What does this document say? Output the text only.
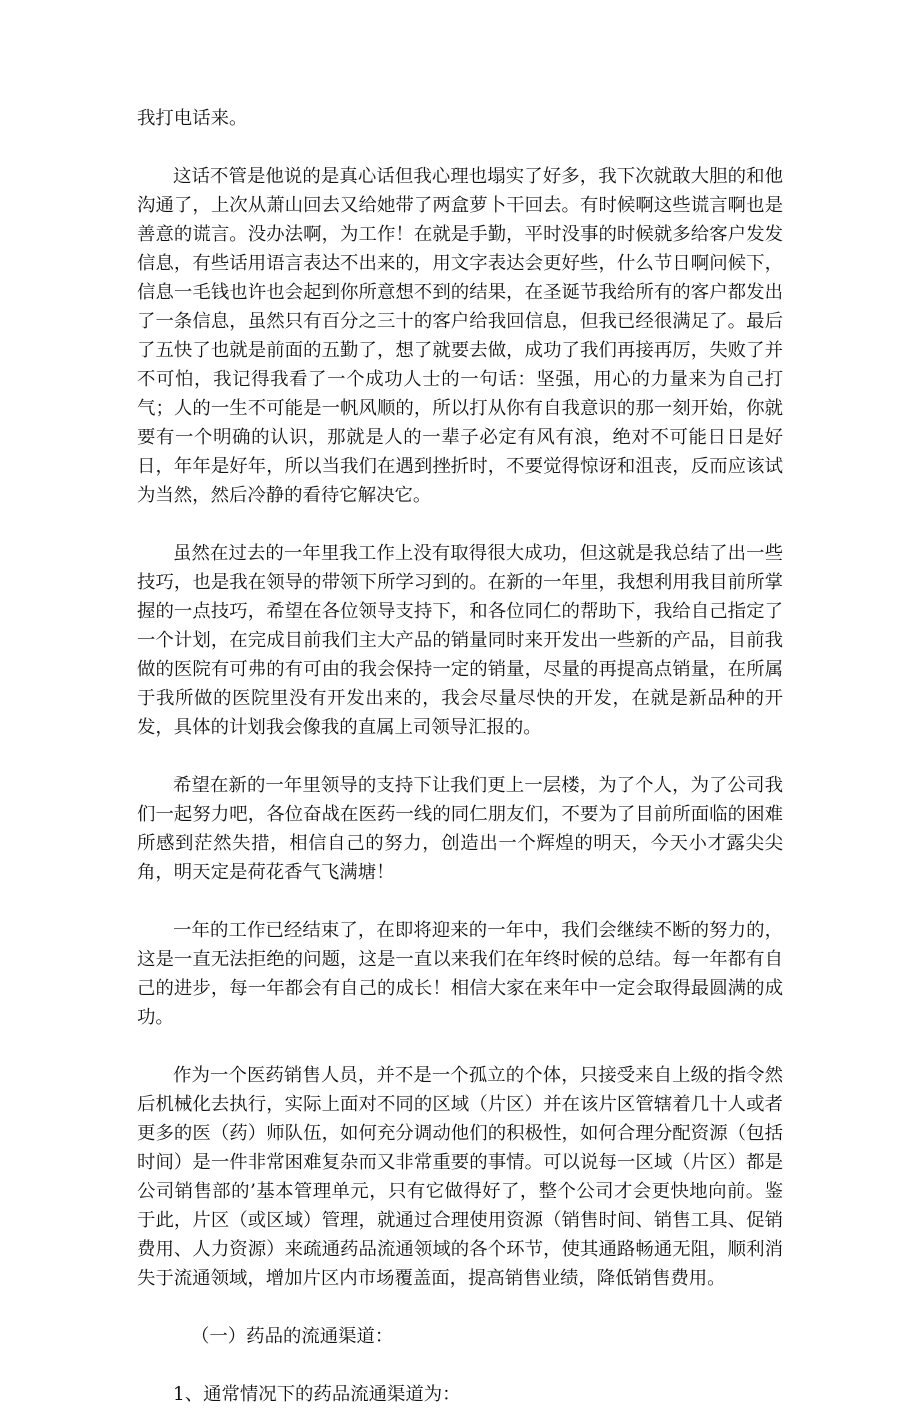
我打电话来。

这话不管是他说的是真心话但我心理也塌实了好多，我下次就敢大胆的和他沟通了，上次从萧山回去又给她带了两盒萝卜干回去。有时候啊这些谎言啊也是善意的谎言。没办法啊，为工作！在就是手勤，平时没事的时候就多给客户发发信息，有些话用语言表达不出来的，用文字表达会更好些，什么节日啊问候下，信息一毛钱也许也会起到你所意想不到的结果，在圣诞节我给所有的客户都发出了一条信息，虽然只有百分之三十的客户给我回信息，但我已经很满足了。最后了五快了也就是前面的五勤了，想了就要去做，成功了我们再接再厉，失败了并不可怕，我记得我看了一个成功人士的一句话：坚强，用心的力量来为自己打气；人的一生不可能是一帆风顺的，所以打从你有自我意识的那一刻开始，你就要有一个明确的认识，那就是人的一辈子必定有风有浪，绝对不可能日日是好日，年年是好年，所以当我们在遇到挫折时，不要觉得惊讶和沮丧，反而应该试为当然，然后冷静的看待它解决它。

虽然在过去的一年里我工作上没有取得很大成功，但这就是我总结了出一些技巧，也是我在领导的带领下所学习到的。在新的一年里，我想利用我目前所掌握的一点技巧，希望在各位领导支持下，和各位同仁的帮助下，我给自己指定了一个计划，在完成目前我们主大产品的销量同时来开发出一些新的产品，目前我做的医院有可弗的有可由的我会保持一定的销量，尽量的再提高点销量，在所属于我所做的医院里没有开发出来的，我会尽量尽快的开发，在就是新品种的开发，具体的计划我会像我的直属上司领导汇报的。

希望在新的一年里领导的支持下让我们更上一层楼，为了个人，为了公司我们一起努力吧，各位奋战在医药一线的同仁朋友们，不要为了目前所面临的困难所感到茫然失措，相信自己的努力，创造出一个辉煌的明天，今天小才露尖尖角，明天定是荷花香气飞满塘！

一年的工作已经结束了，在即将迎来的一年中，我们会继续不断的努力的，这是一直无法拒绝的问题，这是一直以来我们在年终时候的总结。每一年都有自己的进步，每一年都会有自己的成长！相信大家在来年中一定会取得最圆满的成功。

作为一个医药销售人员，并不是一个孤立的个体，只接受来自上级的指令然后机械化去执行，实际上面对不同的区域（片区）并在该片区管辖着几十人或者更多的医（药）师队伍，如何充分调动他们的积极性，如何合理分配资源（包括时间）是一件非常困难复杂而又非常重要的事情。可以说每一区域（片区）都是公司销售部的’基本管理单元，只有它做得好了，整个公司才会更快地向前。鉴于此，片区（或区域）管理，就通过合理使用资源（销售时间、销售工具、促销费用、人力资源）来疏通药品流通领域的各个环节，使其通路畅通无阻，顺利消失于流通领域，增加片区内市场覆盖面，提高销售业绩，降低销售费用。

（一）药品的流通渠道：

1、通常情况下的药品流通渠道为：
